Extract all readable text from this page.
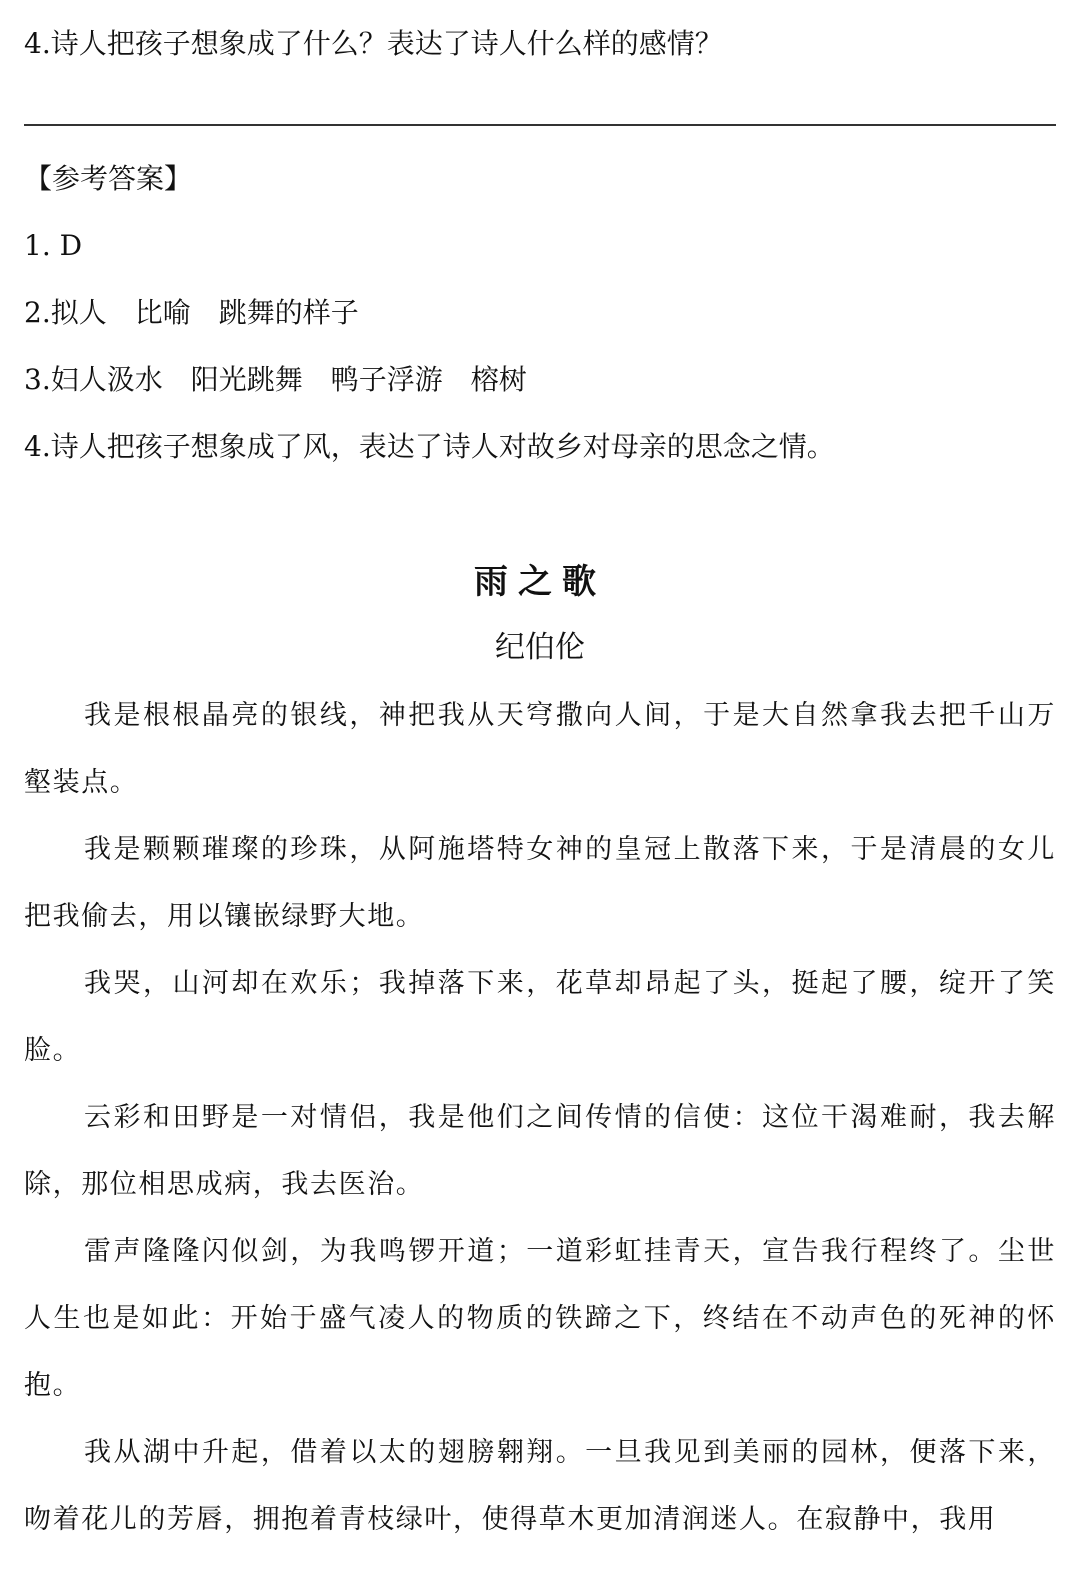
4.诗人把孩子想象成了什么？表达了诗人什么样的感情？
【参考答案】
1. D
2.拟人　比喻　跳舞的样子
3.妇人汲水　阳光跳舞　鸭子浮游　榕树
4.诗人把孩子想象成了风，表达了诗人对故乡对母亲的思念之情。
雨之歌
纪伯伦
我是根根晶亮的银线，神把我从天穹撒向人间，于是大自然拿我去把千山万壑装点。
我是颗颗璀璨的珍珠，从阿施塔特女神的皇冠上散落下来，于是清晨的女儿把我偷去，用以镶嵌绿野大地。
我哭，山河却在欢乐；我掉落下来，花草却昂起了头，挺起了腰，绽开了笑脸。
云彩和田野是一对情侣，我是他们之间传情的信使：这位干渴难耐，我去解除，那位相思成病，我去医治。
雷声隆隆闪似剑，为我鸣锣开道；一道彩虹挂青天，宣告我行程终了。尘世人生也是如此：开始于盛气凌人的物质的铁蹄之下，终结在不动声色的死神的怀抱。
我从湖中升起，借着以太的翅膀翱翔。一旦我见到美丽的园林，便落下来，吻着花儿的芳唇，拥抱着青枝绿叶，使得草木更加清润迷人。在寂静中，我用
